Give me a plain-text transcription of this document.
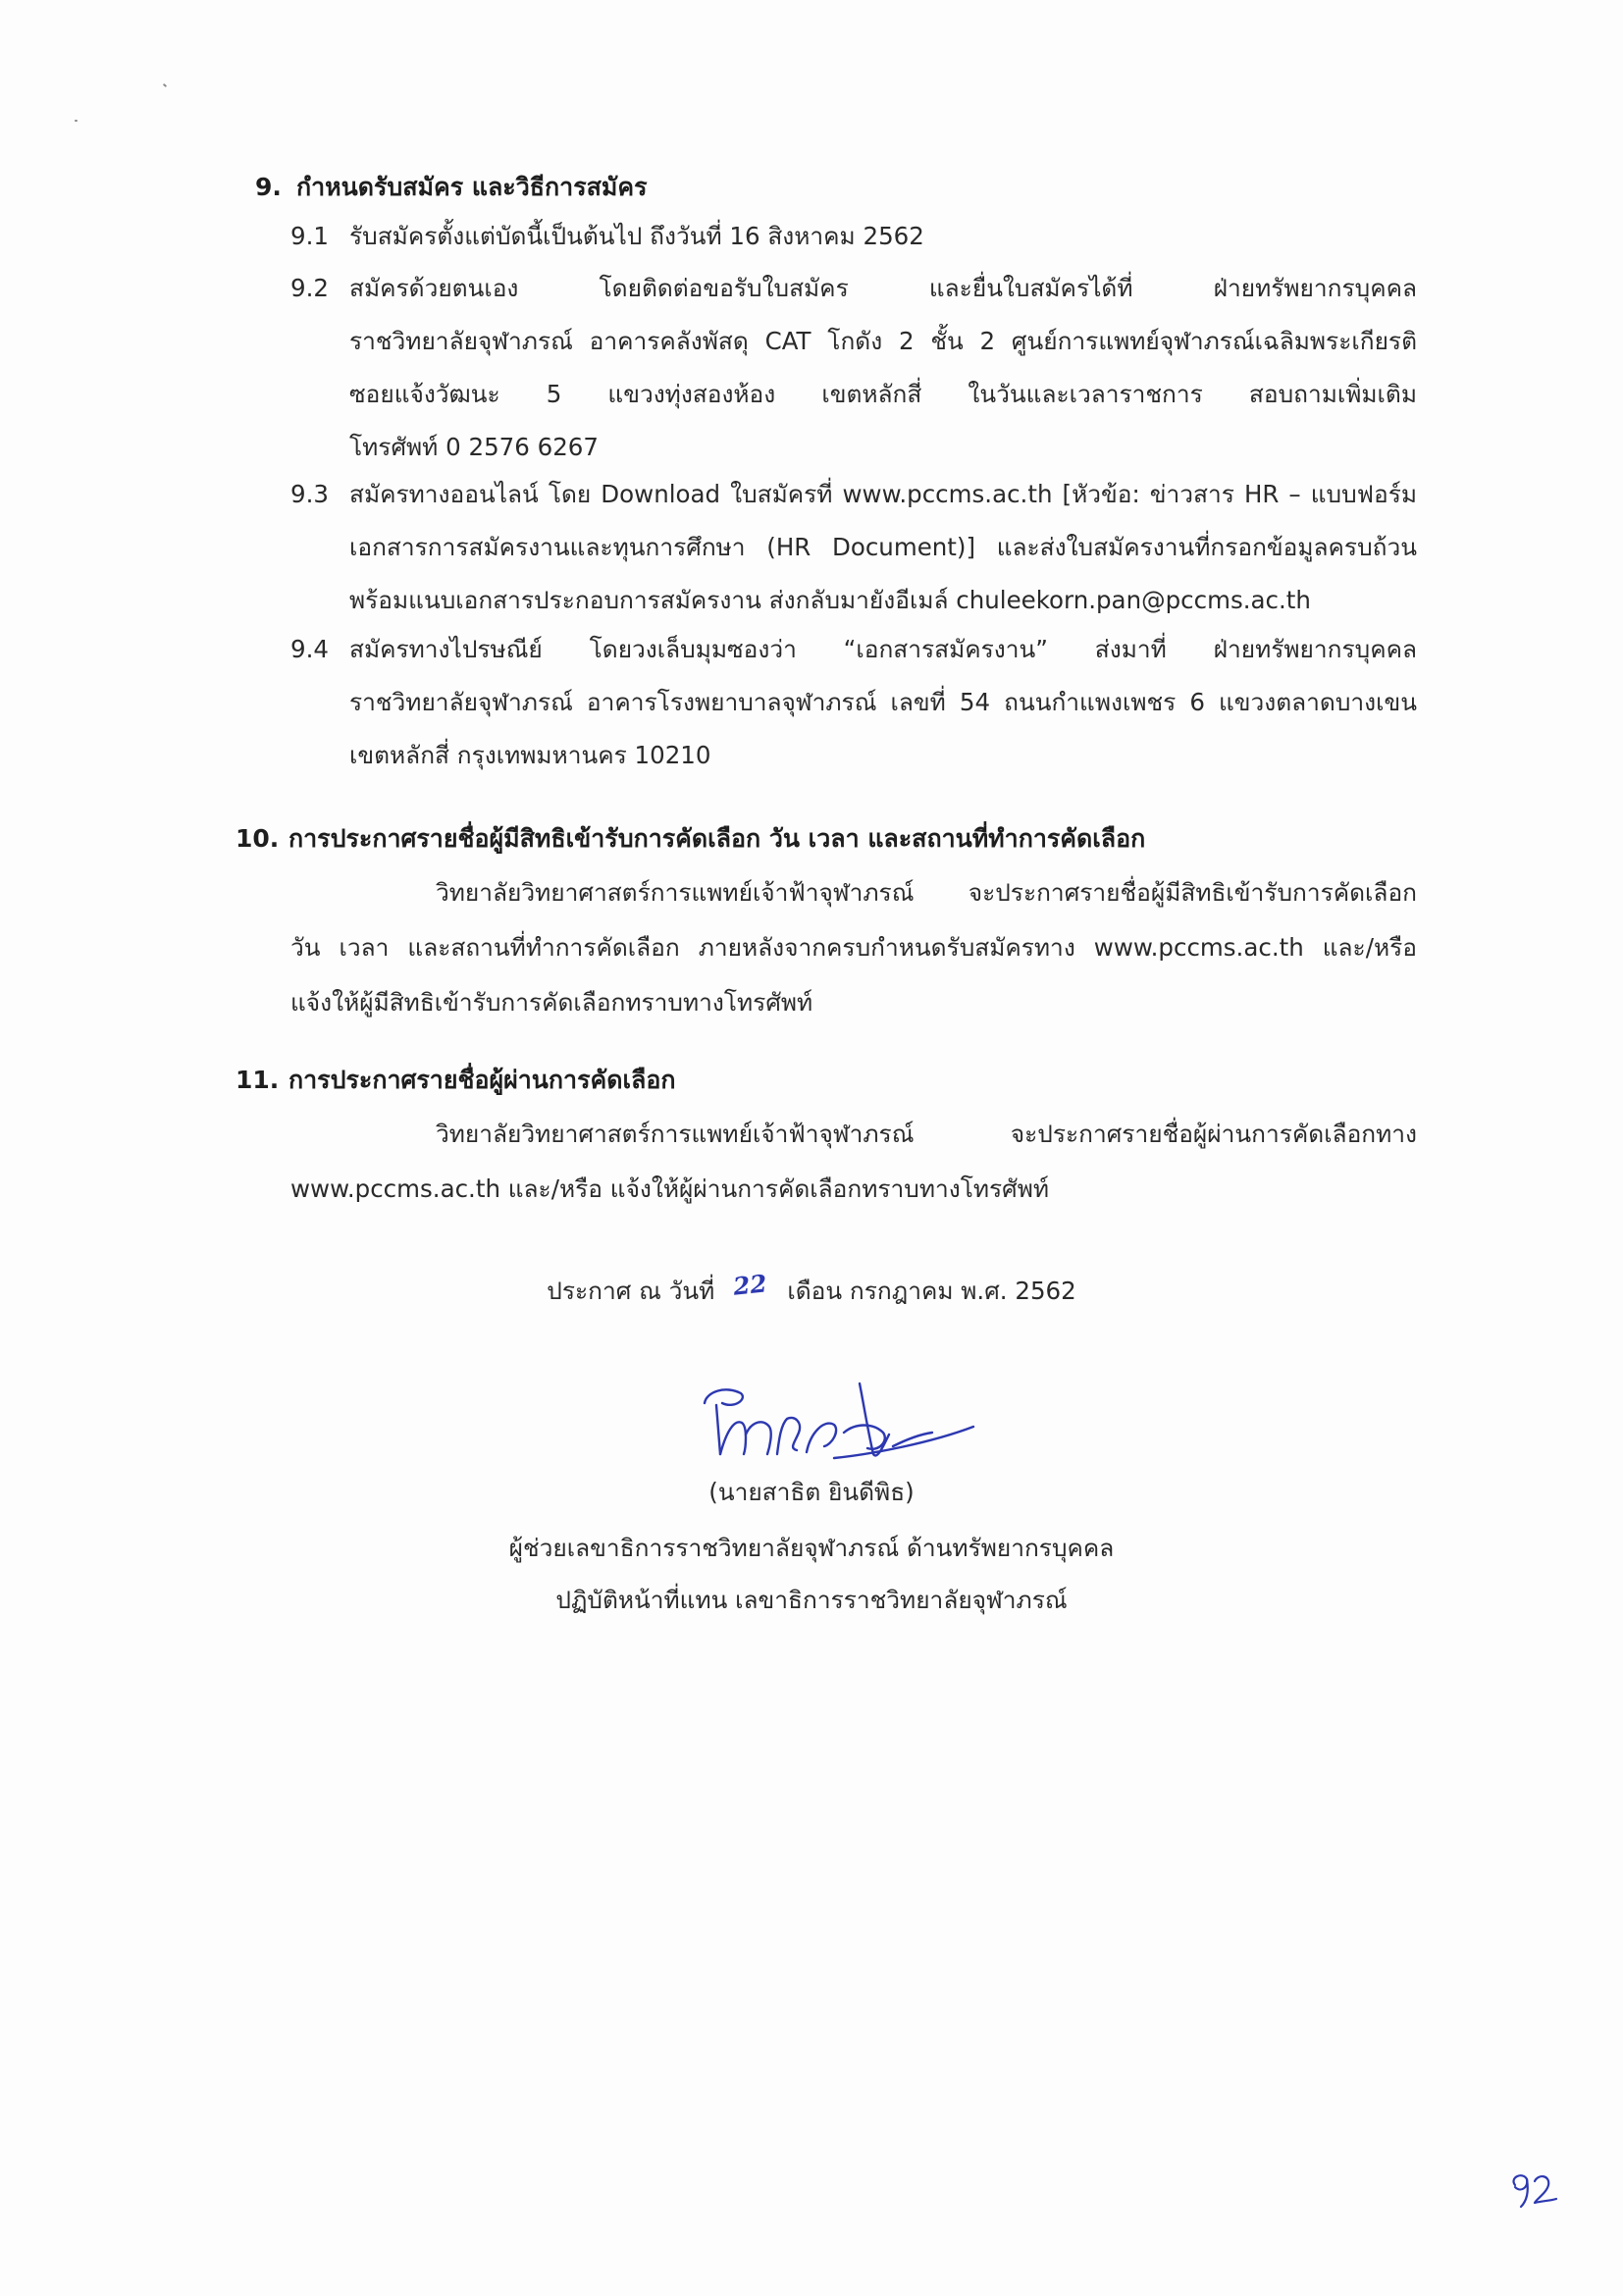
9. กำหนดรับสมัคร และวิธีการสมัคร
9.1 รับสมัครตั้งแต่บัดนี้เป็นต้นไป ถึงวันที่ 16 สิงหาคม 2562
9.2 สมัครด้วยตนเอง โดยติดต่อขอรับใบสมัคร และยื่นใบสมัครได้ที่ ฝ่ายทรัพยากรบุคคล
ราชวิทยาลัยจุฬาภรณ์ อาคารคลังพัสดุ CAT โกดัง 2 ชั้น 2 ศูนย์การแพทย์จุฬาภรณ์เฉลิมพระเกียรติ
ซอยแจ้งวัฒนะ 5 แขวงทุ่งสองห้อง เขตหลักสี่ ในวันและเวลาราชการ สอบถามเพิ่มเติม
โทรศัพท์ 0 2576 6267
9.3 สมัครทางออนไลน์ โดย Download ใบสมัครที่ www.pccms.ac.th [หัวข้อ: ข่าวสาร HR – แบบฟอร์ม
เอกสารการสมัครงานและทุนการศึกษา (HR Document)] และส่งใบสมัครงานที่กรอกข้อมูลครบถ้วน
พร้อมแนบเอกสารประกอบการสมัครงาน ส่งกลับมายังอีเมล์ chuleekorn.pan@pccms.ac.th
9.4 สมัครทางไปรษณีย์ โดยวงเล็บมุมซองว่า “เอกสารสมัครงาน” ส่งมาที่ ฝ่ายทรัพยากรบุคคล
ราชวิทยาลัยจุฬาภรณ์ อาคารโรงพยาบาลจุฬาภรณ์ เลขที่ 54 ถนนกำแพงเพชร 6 แขวงตลาดบางเขน
เขตหลักสี่ กรุงเทพมหานคร 10210
10. การประกาศรายชื่อผู้มีสิทธิเข้ารับการคัดเลือก วัน เวลา และสถานที่ทำการคัดเลือก
วิทยาลัยวิทยาศาสตร์การแพทย์เจ้าฟ้าจุฬาภรณ์ จะประกาศรายชื่อผู้มีสิทธิเข้ารับการคัดเลือก
วัน เวลา และสถานที่ทำการคัดเลือก ภายหลังจากครบกำหนดรับสมัครทาง www.pccms.ac.th และ/หรือ
แจ้งให้ผู้มีสิทธิเข้ารับการคัดเลือกทราบทางโทรศัพท์
11. การประกาศรายชื่อผู้ผ่านการคัดเลือก
วิทยาลัยวิทยาศาสตร์การแพทย์เจ้าฟ้าจุฬาภรณ์ จะประกาศรายชื่อผู้ผ่านการคัดเลือกทาง
www.pccms.ac.th และ/หรือ แจ้งให้ผู้ผ่านการคัดเลือกทราบทางโทรศัพท์
ประกาศ ณ วันที่ 22 เดือน กรกฎาคม พ.ศ. 2562
(นายสาธิต ยินดีพิธ)
ผู้ช่วยเลขาธิการราชวิทยาลัยจุฬาภรณ์ ด้านทรัพยากรบุคคล
ปฏิบัติหน้าที่แทน เลขาธิการราชวิทยาลัยจุฬาภรณ์
